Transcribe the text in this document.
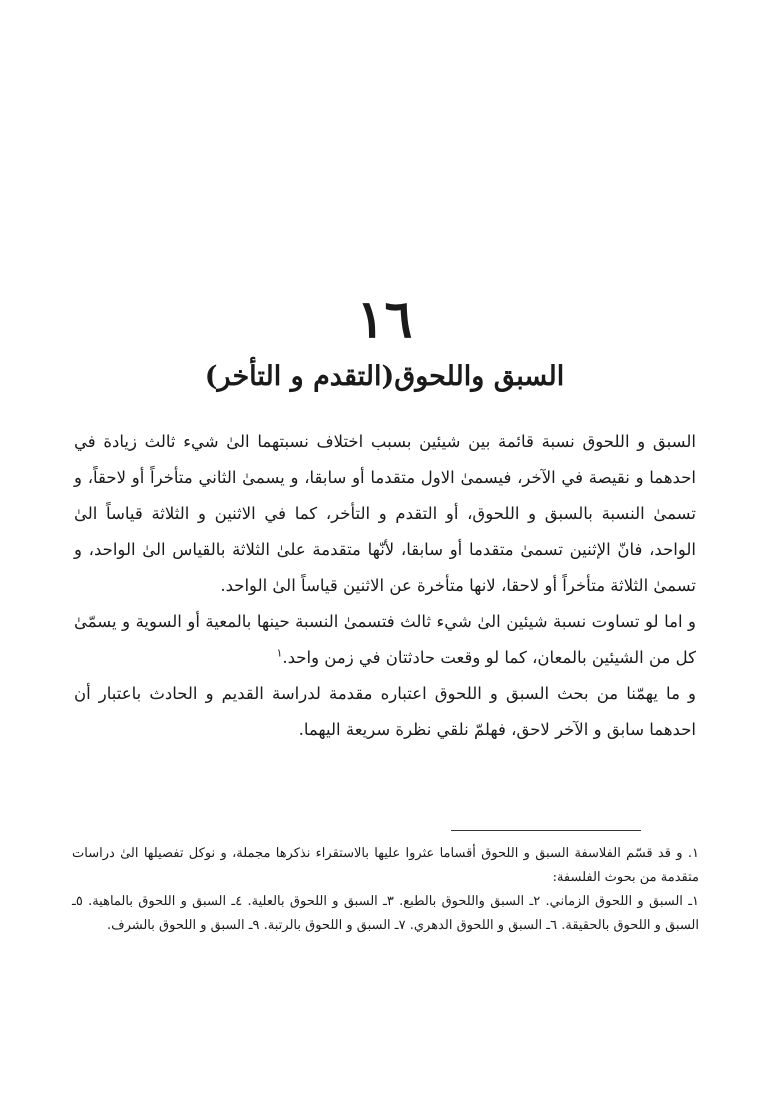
١٦
السبق واللحوق(التقدم و التأخر)

السبق و اللحوق نسبة قائمة بين شيئين بسبب اختلاف نسبتهما الیٰ شيء ثالث زيادة في احدهما و نقيصة في الآخر، فيسمیٰ الاول متقدما أو سابقا، و يسمیٰ الثاني متأخراً أو لاحقاً، و تسمیٰ النسبة بالسبق و اللحوق، أو التقدم و التأخر، كما في الاثنين و الثلاثة قياساً الیٰ الواحد، فانّ الإثنين تسمیٰ متقدما أو سابقا، لأنّها متقدمة علیٰ الثلاثة بالقياس الیٰ الواحد، و تسمیٰ الثلاثة متأخراً أو لاحقا، لانها متأخرة عن الاثنين قياساً الیٰ الواحد.

و اما لو تساوت نسبة شيئين الیٰ شيء ثالث فتسمیٰ النسبة حينها بالمعية أو السوية و يسمّیٰ كل من الشيئين بالمعان، كما لو وقعت حادثتان في زمن واحد.$^١$

و ما يهمّنا من بحث السبق و اللحوق اعتباره مقدمة لدراسة القديم و الحادث باعتبار أن احدهما سابق و الآخر لاحق، فهلمّ نلقي نظرة سريعة اليهما.

١. و قد قسّم الفلاسفة السبق و اللحوق أقساما عثروا عليها بالاستقراء نذكرها مجملة، و نوكل تفصيلها الیٰ دراسات متقدمة من بحوث الفلسفة:

١ـ السبق و اللحوق الزماني. ٢ـ السبق واللحوق بالطبع. ٣ـ السبق و اللحوق بالعلية. ٤ـ السبق و اللحوق بالماهية. ٥ـ السبق و اللحوق بالحقيقة. ٦ـ السبق و اللحوق الدهري. ٧ـ السبق و اللحوق بالرتبة. ٩ـ السبق و اللحوق بالشرف.
